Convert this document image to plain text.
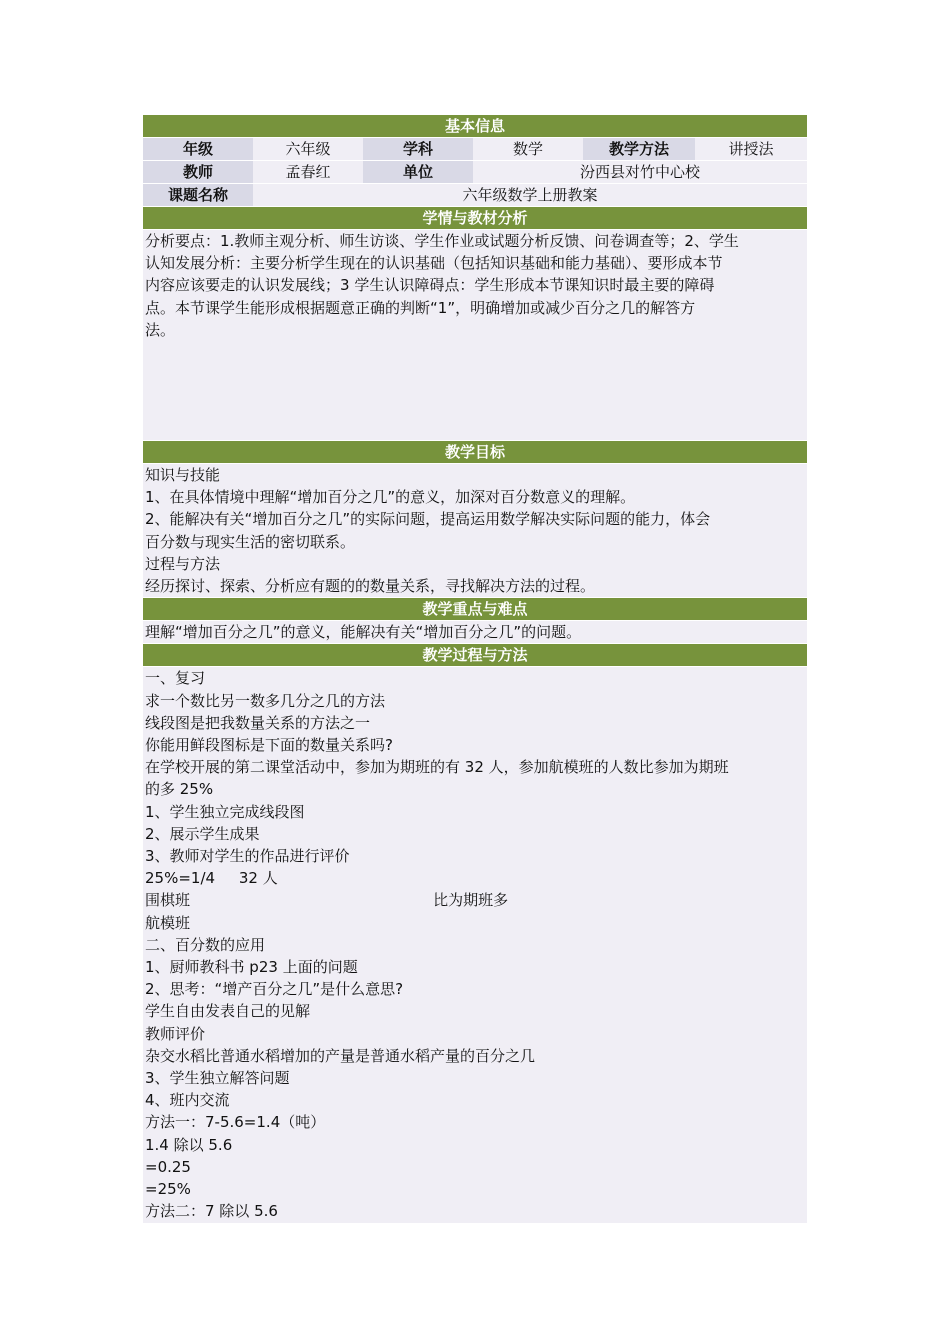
基本信息
年级	六年级	学科	数学	教学方法	讲授法
教师	孟春红	单位	汾西县对竹中心校
课题名称	六年级数学上册教案
学情与教材分析

分析要点：1.教师主观分析、师生访谈、学生作业或试题分析反馈、问卷调查等；2、学生

认知发展分析：主要分析学生现在的认识基础（包括知识基础和能力基础）、要形成本节

内容应该要走的认识发展线；3 学生认识障碍点：学生形成本节课知识时最主要的障碍

点。本节课学生能形成根据题意正确的判断“1”，明确增加或减少百分之几的解答方

法。

教学目标

知识与技能

1、在具体情境中理解“增加百分之几”的意义，加深对百分数意义的理解。

2、能解决有关“增加百分之几”的实际问题，提高运用数学解决实际问题的能力，体会

百分数与现实生活的密切联系。

过程与方法

经历探讨、探索、分析应有题的的数量关系，寻找解决方法的过程。

教学重点与难点

理解“增加百分之几”的意义，能解决有关“增加百分之几”的问题。

教学过程与方法

一、复习

求一个数比另一数多几分之几的方法

线段图是把我数量关系的方法之一

你能用鲜段图标是下面的数量关系吗?

在学校开展的第二课堂活动中，参加为期班的有 32 人，参加航模班的人数比参加为期班

的多 25%

1、学生独立完成线段图

2、展示学生成果

3、教师对学生的作品进行评价

25%=1/4     32 人

围棋班                                                   比为期班多

航模班

二、百分数的应用

1、厨师教科书 p23 上面的问题

2、思考：“增产百分之几”是什么意思?

学生自由发表自己的见解

教师评价

杂交水稻比普通水稻增加的产量是普通水稻产量的百分之几

3、学生独立解答问题

4、班内交流

方法一：7-5.6=1.4（吨）

1.4 除以 5.6

=0.25

=25%

方法二：7 除以 5.6
